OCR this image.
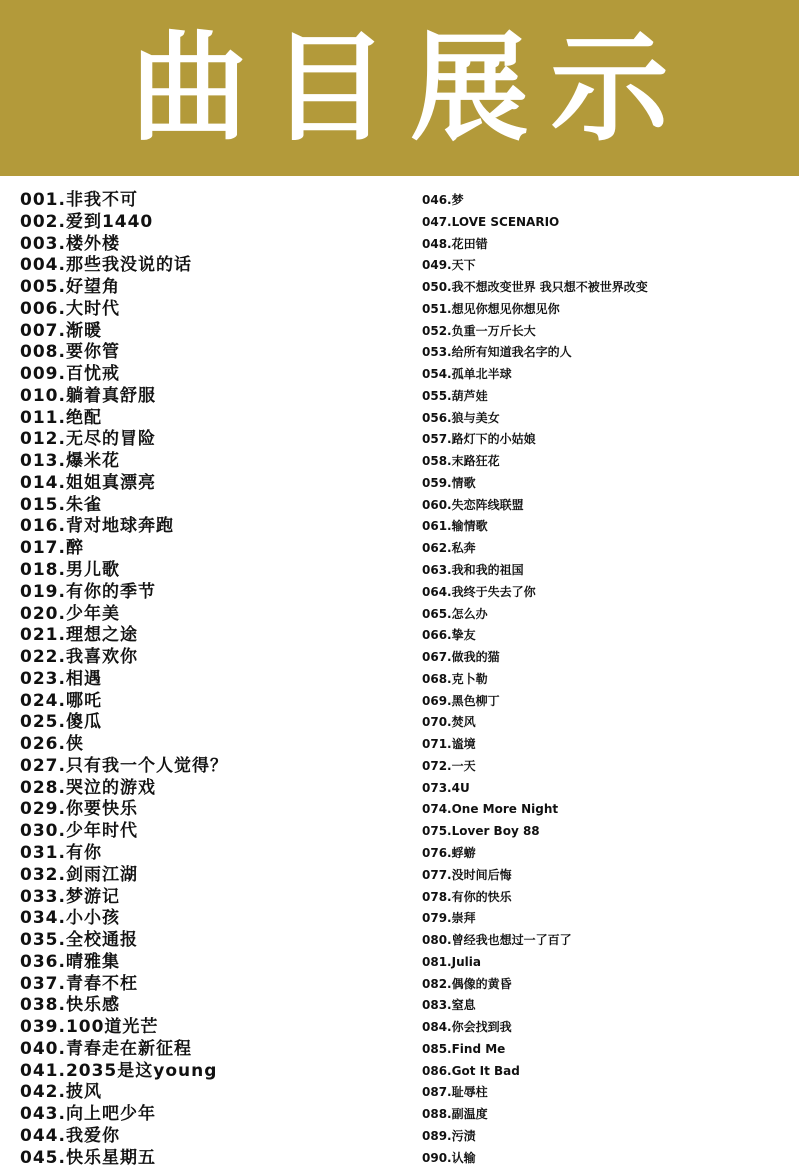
曲目展示
001.非我不可
002.爱到1440
003.楼外楼
004.那些我没说的话
005.好望角
006.大时代
007.渐暖
008.要你管
009.百忧戒
010.躺着真舒服
011.绝配
012.无尽的冒险
013.爆米花
014.姐姐真漂亮
015.朱雀
016.背对地球奔跑
017.醉
018.男儿歌
019.有你的季节
020.少年美
021.理想之途
022.我喜欢你
023.相遇
024.哪吒
025.傻瓜
026.侠
027.只有我一个人觉得？
028.哭泣的游戏
029.你要快乐
030.少年时代
031.有你
032.剑雨江湖
033.梦游记
034.小小孩
035.全校通报
036.晴雅集
037.青春不枉
038.快乐感
039.100道光芒
040.青春走在新征程
041.2035是这young
042.披风
043.向上吧少年
044.我爱你
045.快乐星期五
046.梦
047.LOVE SCENARIO
048.花田错
049.天下
050.我不想改变世界 我只想不被世界改变
051.想见你想见你想见你
052.负重一万斤长大
053.给所有知道我名字的人
054.孤单北半球
055.葫芦娃
056.狼与美女
057.路灯下的小姑娘
058.末路狂花
059.情歌
060.失恋阵线联盟
061.输情歌
062.私奔
063.我和我的祖国
064.我终于失去了你
065.怎么办
066.挚友
067.做我的猫
068.克卜勒
069.黑色柳丁
070.焚风
071.谧境
072.一天
073.4U
074.One More Night
075.Lover Boy 88
076.蜉蝣
077.没时间后悔
078.有你的快乐
079.崇拜
080.曾经我也想过一了百了
081.Julia
082.偶像的黄昏
083.窒息
084.你会找到我
085.Find Me
086.Got It Bad
087.耻辱柱
088.副温度
089.污渍
090.认输
